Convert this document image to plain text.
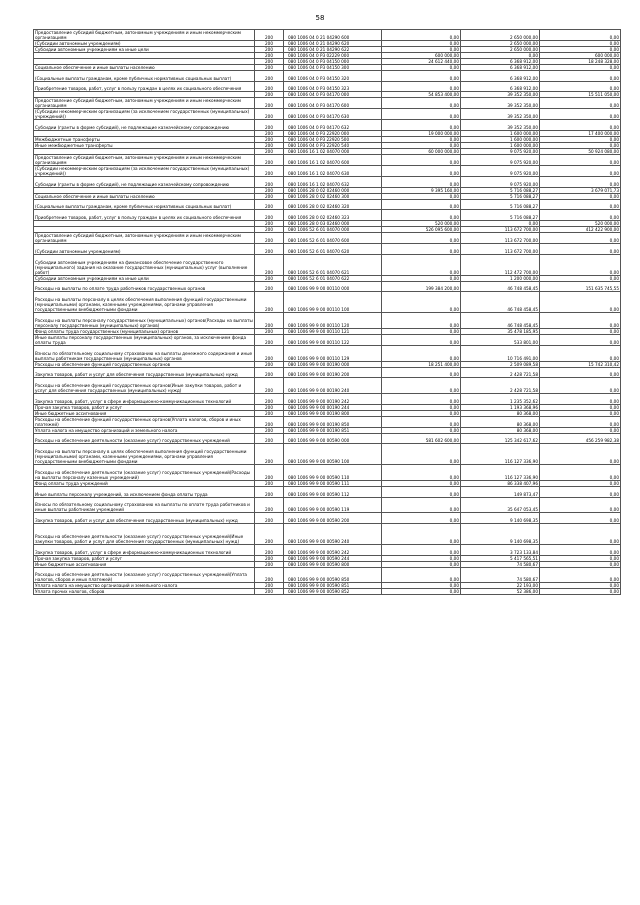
58
Предоставление субсидий бюджетным, автономным учреждениям и иным некоммерческим организациям	200	080 1006 04 0 21 04290 600	0,00	2 650 000,00	0,00
(Субсидии автономным учреждениям)	200	080 1006 04 0 21 04290 620	0,00	2 650 000,00	0,00
Субсидии автономным учреждениям на иные цели	200	080 1006 04 0 21 04290 622	0,00	2 650 000,00	0,00
	200	080 1006 04 0 P3 02229 000	600 000,00	0,00	600 000,00
	200	080 1006 04 0 P3 04150 000	24 612 440,00	6 368 912,00	18 248 328,00
Социальное обеспечение и иные выплаты населению	200	080 1006 04 0 P3 04150 300	0,00	6 368 912,00	0,00
(Социальные выплаты гражданам, кроме публичных нормативных социальных выплат)	200	080 1006 04 0 P3 04150 320	0,00	6 368 912,00	0,00
Приобретение товаров, работ, услуг в пользу граждан в целях их социального обеспечения	200	080 1006 04 0 P3 04150 323	0,00	6 368 912,00	0,00
	200	080 1006 04 0 P3 04170 000	54 853 400,00	39 352 350,00	15 511 050,00
Предоставление субсидий бюджетным, автономным учреждениям и иным некоммерческим организациям	200	080 1006 04 0 P3 04170 600	0,00	39 352 350,00	0,00
(Субсидии некоммерческим организациям (за исключением государственных (муниципальных) учреждений))	200	080 1006 04 0 P3 04170 630	0,00	39 352 350,00	0,00
Субсидии (гранты в форме субсидий), не подлежащие казначейскому сопровождению	200	080 1006 04 0 P3 04170 632	0,00	39 352 350,00	0,00
	200	080 1006 04 0 P3 22920 000	19 000 000,00	1 600 000,00	17 400 000,00
Межбюджетные трансферты	200	080 1006 04 0 P3 22920 500	0,00	1 600 000,00	0,00
Иные межбюджетные трансферты	200	080 1006 04 0 P3 22920 540	0,00	1 600 000,00	0,00
	200	080 1006 16 1 02 04070 000	60 000 000,00	9 075 920,00	50 924 080,00
Предоставление субсидий бюджетным, автономным учреждениям и иным некоммерческим организациям	200	080 1006 16 1 02 04070 600	0,00	9 075 920,00	0,00
(Субсидии некоммерческим организациям (за исключением государственных (муниципальных) учреждений))	200	080 1006 16 1 02 04070 630	0,00	9 075 920,00	0,00
Субсидии (гранты в форме субсидий), не подлежащие казначейскому сопровождению	200	080 1006 16 1 02 04070 632	0,00	9 075 920,00	0,00
	200	080 1006 28 0 02 02460 000	9 395 160,00	5 716 088,27	3 679 071,73
Социальное обеспечение и иные выплаты населению	200	080 1006 28 0 02 02460 300	0,00	5 716 088,27	0,00
(Социальные выплаты гражданам, кроме публичных нормативных социальных выплат)	200	080 1006 28 0 02 02460 320	0,00	5 716 088,27	0,00
Приобретение товаров, работ, услуг в пользу граждан в целях их социального обеспечения	200	080 1006 28 0 02 02460 323	0,00	5 716 088,27	0,00
	200	080 1006 28 0 03 02460 000	520 000,00	0,00	520 000,00
	200	080 1006 52 6 01 04070 000	526 095 600,00	113 672 700,00	412 422 900,00
Предоставление субсидий бюджетным, автономным учреждениям и иным некоммерческим организациям	200	080 1006 52 6 01 04070 600	0,00	113 672 700,00	0,00
(Субсидии автономным учреждениям)	200	080 1006 52 6 01 04070 620	0,00	113 672 700,00	0,00
Субсидии автономным учреждениям на финансовое обеспечение государственного (муниципального) задания на оказание государственных (муниципальных) услуг (выполнение работ)	200	080 1006 52 6 01 04070 621	0,00	112 472 700,00	0,00
Субсидии автономным учреждениям на иные цели	200	080 1006 52 6 01 04070 622	0,00	1 200 000,00	0,00
Расходы на выплаты по оплате труда работников государственных органов	200	080 1006 99 9 00 00110 000	199 384 200,00	46 748 458,45	151 635 745,55
Расходы на выплаты персоналу в целях обеспечения выполнения функций государственными (муниципальными) органами, казенными учреждениями, органами управления государственными внебюджетными фондами	200	080 1006 99 9 00 00110 100	0,00	46 748 458,45	0,00
Расходы на выплаты персоналу государственных (муниципальных) органов(Расходы на выплаты персоналу государственных (муниципальных) органов)	200	080 1006 99 9 00 00110 120	0,00	46 748 458,45	0,00
Фонд оплаты труда государственных (муниципальных) органов	200	080 1006 99 9 00 00110 121	0,00	35 478 185,95	0,00
Иные выплаты персоналу государственных (муниципальных) органов, за исключением фонда оплаты труда	200	080 1006 99 9 00 00110 122	0,00	533 801,00	0,00
Взносы по обязательному социальному страхованию на выплаты денежного содержания и иные выплаты работникам государственных (муниципальных) органов	200	080 1006 99 9 00 00110 129	0,00	10 716 491,00	0,00
Расходы на обеспечение функций государственных органов	200	080 1006 99 9 00 00190 000	18 251 400,00	2 509 089,58	15 742 310,42
Закупка товаров, работ и услуг для обеспечения государственных (муниципальных) нужд	200	080 1006 99 9 00 00190 200	0,00	2 428 721,58	0,00
Расходы на обеспечение функций государственных органов(Иные закупки товаров, работ и услуг для обеспечения государственных (муниципальных) нужд)	200	080 1006 99 9 00 00190 240	0,00	2 428 721,58	0,00
Закупка товаров, работ, услуг в сфере информационно-коммуникационных технологий	200	080 1006 99 9 00 00190 242	0,00	1 235 352,62	0,00
Прочая закупка товаров, работ и услуг	200	080 1006 99 9 00 00190 244	0,00	1 193 368,96	0,00
Иные бюджетные ассигнования	200	080 1006 99 9 00 00190 800	0,00	80 368,00	0,00
Расходы на обеспечение функций государственных органов(Уплата налогов, сборов и иных платежей)	200	080 1006 99 9 00 00190 850	0,00	80 368,00	0,00
Уплата налога на имущество организаций и земельного налога	200	080 1006 99 9 00 00190 851	0,00	80 368,00	0,00
Расходы на обеспечение деятельности (оказание услуг) государственных учреждений	200	080 1006 99 9 00 00590 000	581 602 600,00	125 342 617,62	456 259 982,38
Расходы на выплаты персоналу в целях обеспечения выполнения функций государственными (муниципальными) органами, казенными учреждениями, органами управления государственными внебюджетными фондами	200	080 1006 99 9 00 00590 100	0,00	116 127 336,90	0,00
Расходы на обеспечение деятельности (оказание услуг) государственных учреждений(Расходы на выплаты персоналу казенных учреждений)	200	080 1006 99 9 00 00590 110	0,00	116 127 336,90	0,00
Фонд оплаты труда учреждений	200	080 1006 99 9 00 00590 111	0,00	86 338 407,96	0,00
Иные выплаты персоналу учреждений, за исключением фонда оплаты труда	200	080 1006 99 9 00 00590 112	0,00	149 873,47	0,00
Взносы по обязательному социальному страхованию на выплаты по оплате труда работников и иные выплаты работникам учреждений	200	080 1006 99 9 00 00590 119	0,00	35 647 053,45	0,00
Закупка товаров, работ и услуг для обеспечения государственных (муниципальных) нужд	200	080 1006 99 9 00 00590 200	0,00	9 140 698,35	0,00
Расходы на обеспечение деятельности (оказание услуг) государственных учреждений(Иные закупки товаров, работ и услуг для обеспечения государственных (муниципальных) нужд)	200	080 1006 99 9 00 00590 240	0,00	9 140 698,35	0,00
Закупка товаров, работ, услуг в сфере информационно-коммуникационных технологий	200	080 1006 99 9 00 00590 242	0,00	3 723 133,84	0,00
Прочая закупка товаров, работ и услуг	200	080 1006 99 9 00 00590 244	0,00	5 417 565,51	0,00
Иные бюджетные ассигнования	200	080 1006 99 9 00 00590 800	0,00	74 580,67	0,00
Расходы на обеспечение деятельности (оказание услуг) государственных учреждений(Уплата налогов, сборов и иных платежей)	200	080 1006 99 9 00 00590 850	0,00	74 580,67	0,00
Уплата налога на имущество организаций и земельного налога	200	080 1006 99 9 00 00590 851	0,00	22 193,00	0,00
Уплата прочих налогов, сборов	200	080 1006 99 9 00 00590 852	0,00	52 386,00	0,00
